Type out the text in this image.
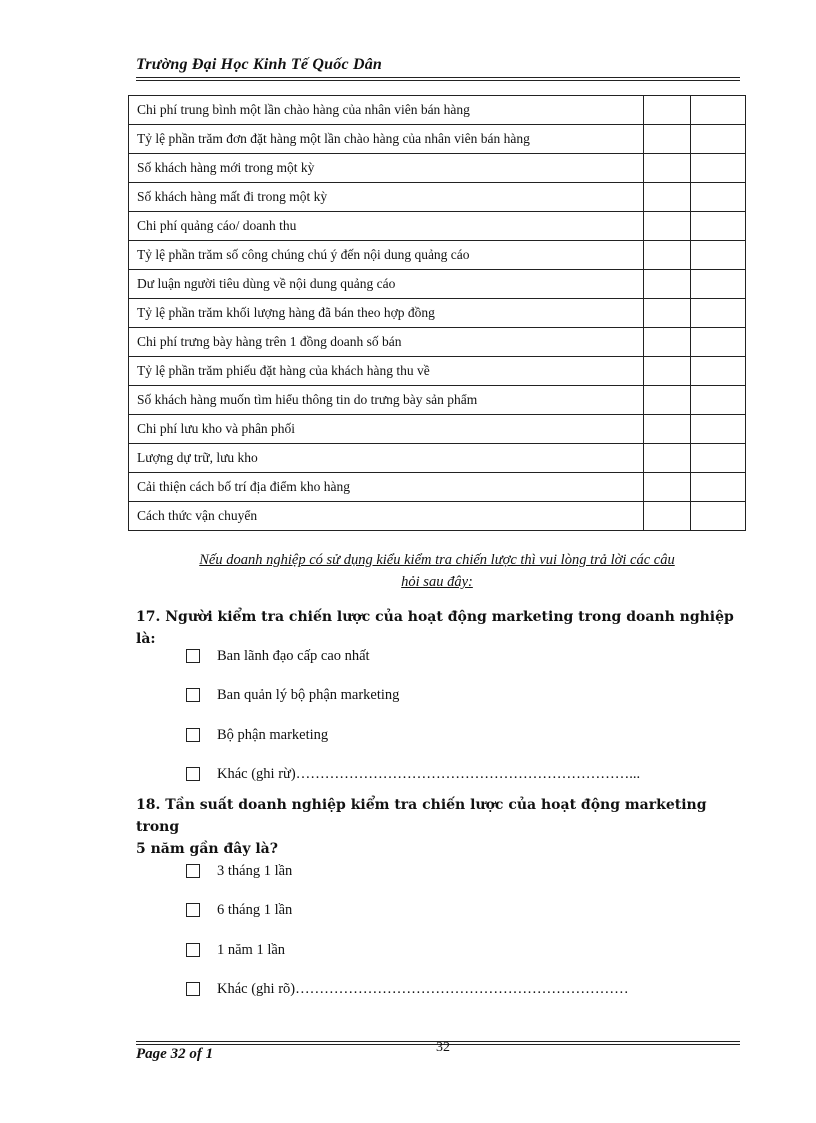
Trường Đại Học Kinh Tế Quốc Dân
Chi phí trung bình một lần chào hàng của nhân viên bán hàng		
Tỷ lệ phần trăm đơn đặt hàng một lần chào hàng của nhân viên bán hàng		
Số khách hàng mới trong một kỳ		
Số khách hàng mất đi trong một kỳ		
Chi phí quảng cáo/ doanh thu		
Tỷ lệ phần trăm số công chúng chú ý đến nội dung quảng cáo		
Dư luận người tiêu dùng về nội dung quảng cáo		
Tỷ lệ phần trăm khối lượng hàng đã bán theo hợp đồng		
Chi phí trưng bày hàng trên 1 đồng doanh số bán		
Tỷ lệ phần trăm phiếu đặt hàng của khách hàng thu về		
Số khách hàng muốn tìm hiểu thông tin do trưng bày sản phẩm		
Chi phí lưu kho và phân phối		
Lượng dự trữ, lưu kho		
Cải thiện cách bố trí địa điểm kho hàng		
Cách thức vận chuyển		
Nếu doanh nghiệp có sử dụng kiểu kiểm tra chiến lược thì vui lòng trả lời các câu
hỏi sau đây:
17. Người kiểm tra chiến lược của hoạt động marketing trong doanh nghiệp là:
Ban lãnh đạo cấp cao nhất
Ban quản lý bộ phận marketing
Bộ phận marketing
Khác (ghi rừ)……………………………………………………………...
18. Tần suất doanh nghiệp kiểm tra chiến lược của hoạt động marketing trong
5 năm gần đây là?
3 tháng 1 lần
6 tháng 1 lần
1 năm 1 lần
Khác (ghi rõ)……………………………………………………………
Page 32 of 1	32
